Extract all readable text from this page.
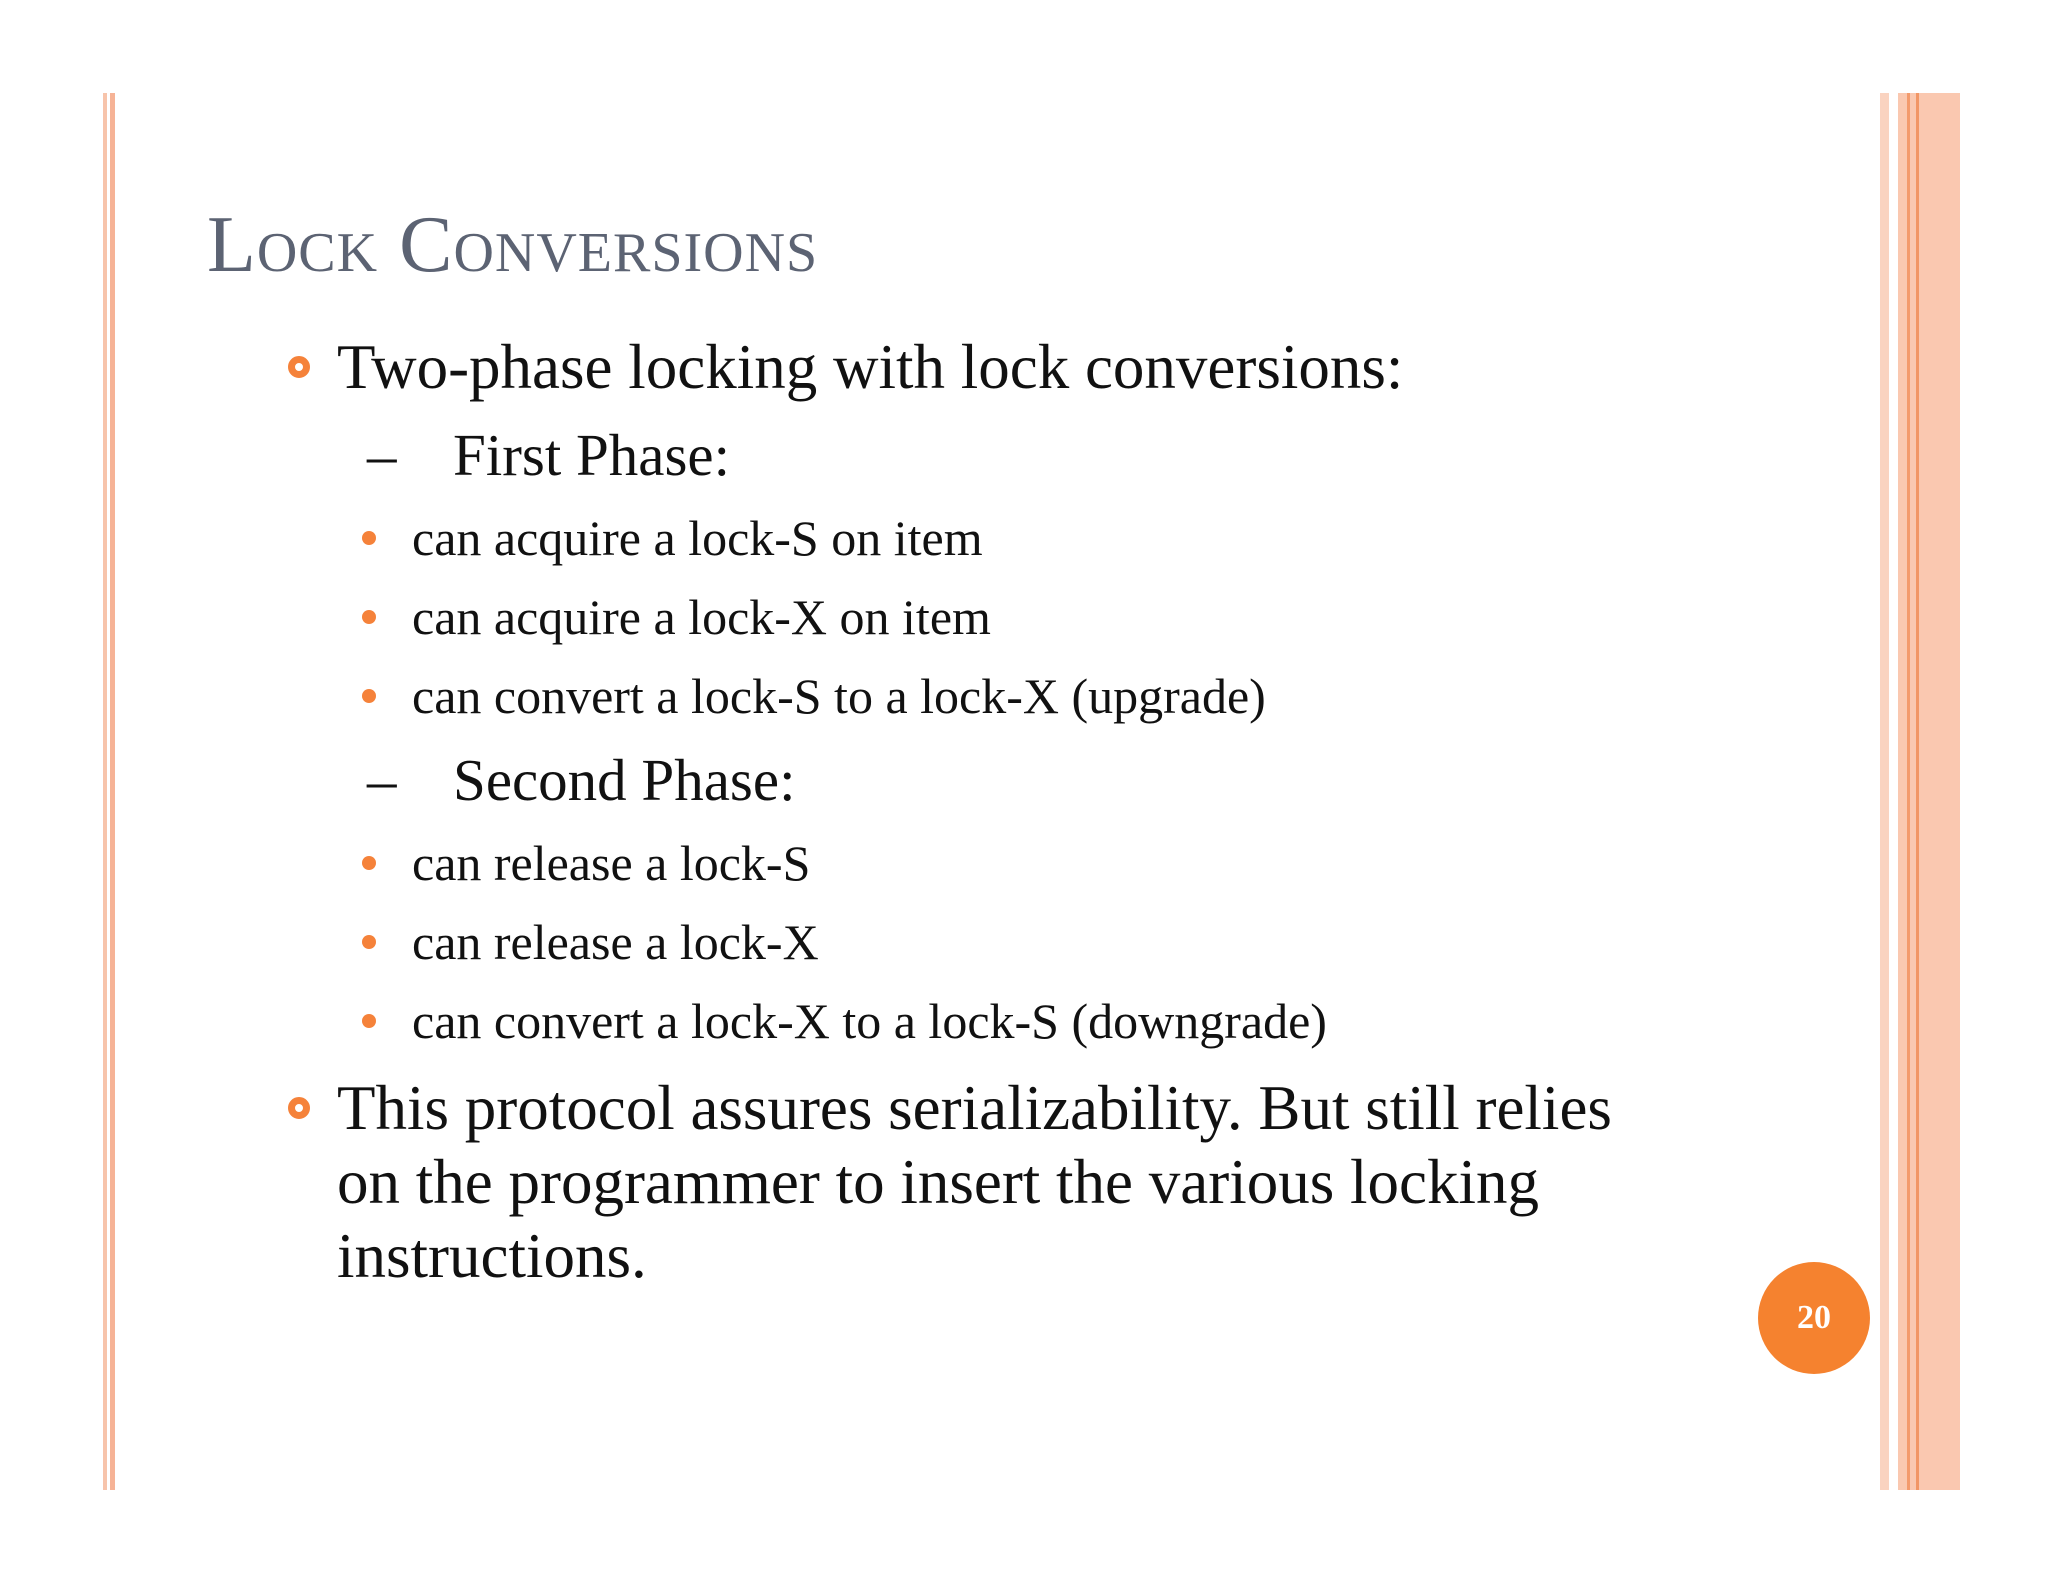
Lock Conversions
Two-phase locking with lock conversions:
– First Phase:
can acquire a lock-S on item
can acquire a lock-X on item
can convert a lock-S to a lock-X (upgrade)
– Second Phase:
can release a lock-S
can release a lock-X
can convert a lock-X to a lock-S (downgrade)
This protocol assures serializability. But still relies
on the programmer to insert the various locking
instructions.
20
